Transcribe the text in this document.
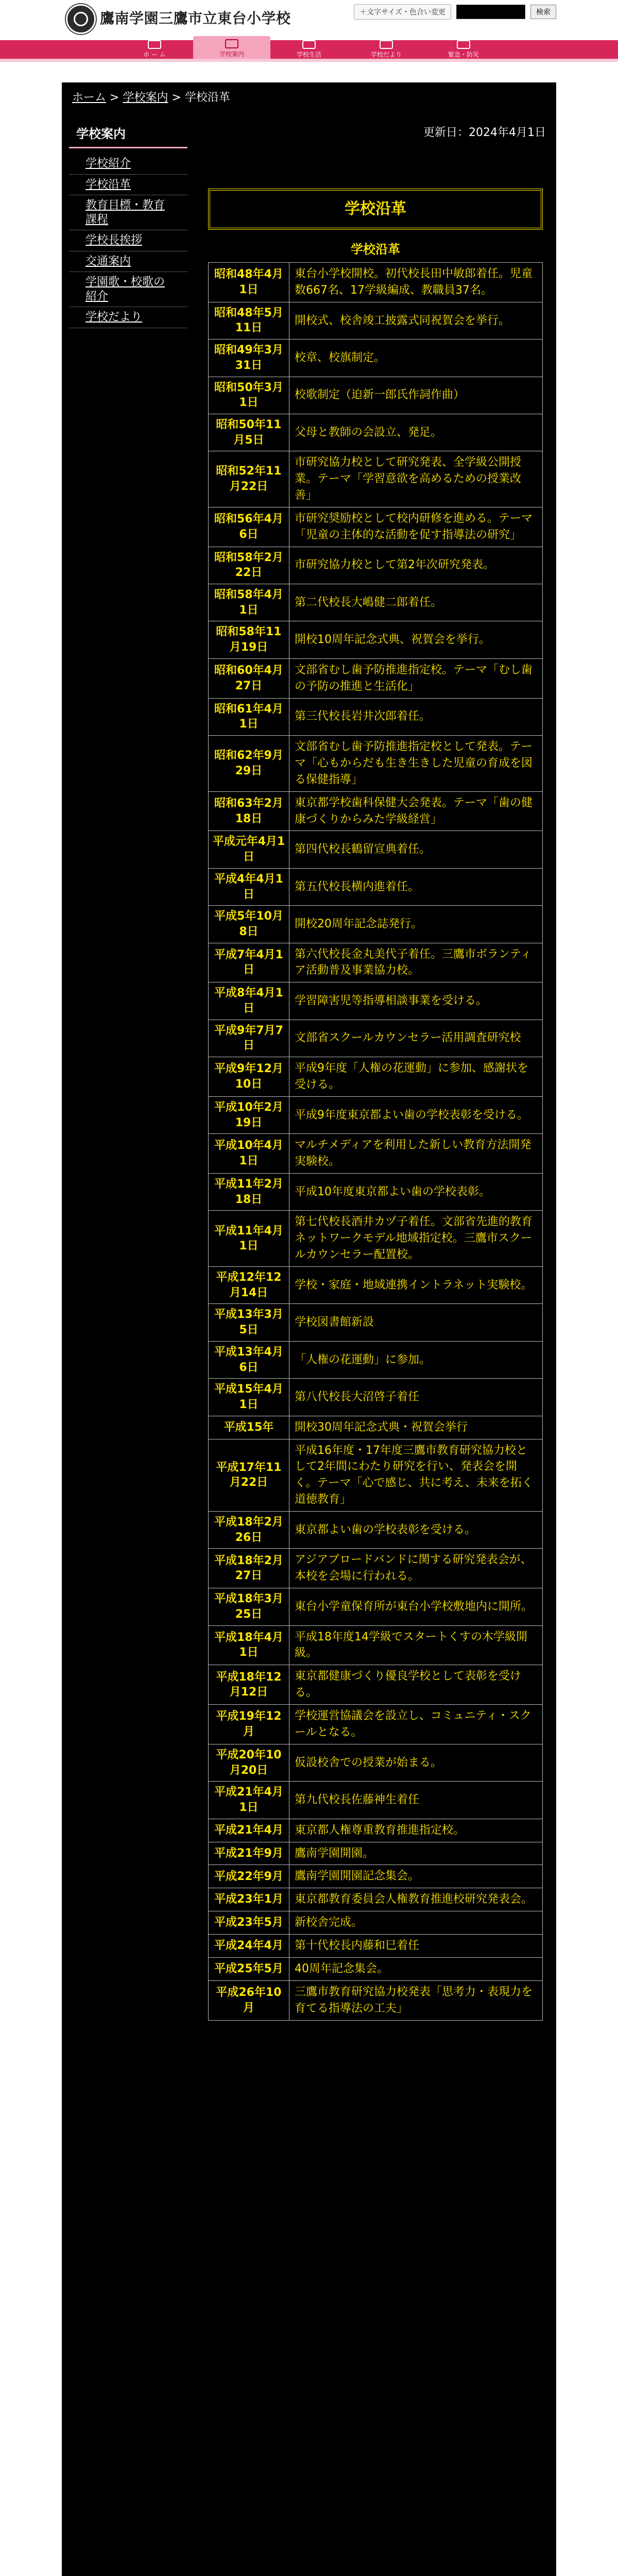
鷹南学園三鷹市立東台小学校	＋文字サイズ・色合い変更	検索
ホ ー ム	学校案内	学校生活	学校だより	緊急・防災
ホーム > 学校案内 > 学校沿革
更新日：2024年4月1日
学校案内
学校紹介
学校沿革
教育目標・教育課程
学校長挨拶
交通案内
学園歌・校歌の紹介
学校だより
学校沿革
学校沿革
昭和48年4月1日	東台小学校開校。初代校長田中敏郎着任。児童数667名、17学級編成、教職員37名。
昭和48年5月11日	開校式、校舎竣工披露式同祝賀会を挙行。
昭和49年3月31日	校章、校旗制定。
昭和50年3月1日	校歌制定（迫新一郎氏作詞作曲）
昭和50年11月5日	父母と教師の会設立、発足。
昭和52年11月22日	市研究協力校として研究発表、全学級公開授業。テーマ「学習意欲を高めるための授業改善」
昭和56年4月6日	市研究奨励校として校内研修を進める。テーマ「児童の主体的な活動を促す指導法の研究」
昭和58年2月22日	市研究協力校として第2年次研究発表。
昭和58年4月1日	第二代校長大嶋健二郎着任。
昭和58年11月19日	開校10周年記念式典、祝賀会を挙行。
昭和60年4月27日	文部省むし歯予防推進指定校。テーマ「むし歯の予防の推進と生活化」
昭和61年4月1日	第三代校長岩井次郎着任。
昭和62年9月29日	文部省むし歯予防推進指定校として発表。テーマ「心もからだも生き生きした児童の育成を図る保健指導」
昭和63年2月18日	東京都学校歯科保健大会発表。テーマ「歯の健康づくりからみた学級経営」
平成元年4月1日	第四代校長鶴留宣典着任。
平成4年4月1日	第五代校長横内進着任。
平成5年10月8日	開校20周年記念誌発行。
平成7年4月1日	第六代校長金丸美代子着任。三鷹市ボランティア活動普及事業協力校。
平成8年4月1日	学習障害児等指導相談事業を受ける。
平成9年7月7日	文部省スクールカウンセラー活用調査研究校
平成9年12月10日	平成9年度「人権の花運動」に参加、感謝状を受ける。
平成10年2月19日	平成9年度東京都よい歯の学校表彰を受ける。
平成10年4月1日	マルチメディアを利用した新しい教育方法開発実験校。
平成11年2月18日	平成10年度東京都よい歯の学校表彰。
平成11年4月1日	第七代校長酒井カヅ子着任。文部省先進的教育ネットワークモデル地域指定校。三鷹市スクールカウンセラー配置校。
平成12年12月14日	学校・家庭・地域連携イントラネット実験校。
平成13年3月5日	学校図書館新設
平成13年4月6日	「人権の花運動」に参加。
平成15年4月1日	第八代校長大沼啓子着任
平成15年	開校30周年記念式典・祝賀会挙行
平成17年11月22日	平成16年度・17年度三鷹市教育研究協力校として2年間にわたり研究を行い、発表会を開く。テーマ「心で感じ、共に考え、未来を拓く道徳教育」
平成18年2月26日	東京都よい歯の学校表彰を受ける。
平成18年2月27日	アジアブロードバンドに関する研究発表会が、本校を会場に行われる。
平成18年3月25日	東台小学童保育所が東台小学校敷地内に開所。
平成18年4月1日	平成18年度14学級でスタートくすの木学級開級。
平成18年12月12日	東京都健康づくり優良学校として表彰を受ける。
平成19年12月	学校運営協議会を設立し、コミュニティ・スクールとなる。
平成20年10月20日	仮設校舎での授業が始まる。
平成21年4月1日	第九代校長佐藤神生着任
平成21年4月	東京都人権尊重教育推進指定校。
平成21年9月	鷹南学園開園。
平成22年9月	鷹南学園開園記念集会。
平成23年1月	東京都教育委員会人権教育推進校研究発表会。
平成23年5月	新校舎完成。
平成24年4月	第十代校長内藤和巳着任
平成25年5月	40周年記念集会。
平成26年10月	三鷹市教育研究協力校発表「思考力・表現力を育てる指導法の工夫」
